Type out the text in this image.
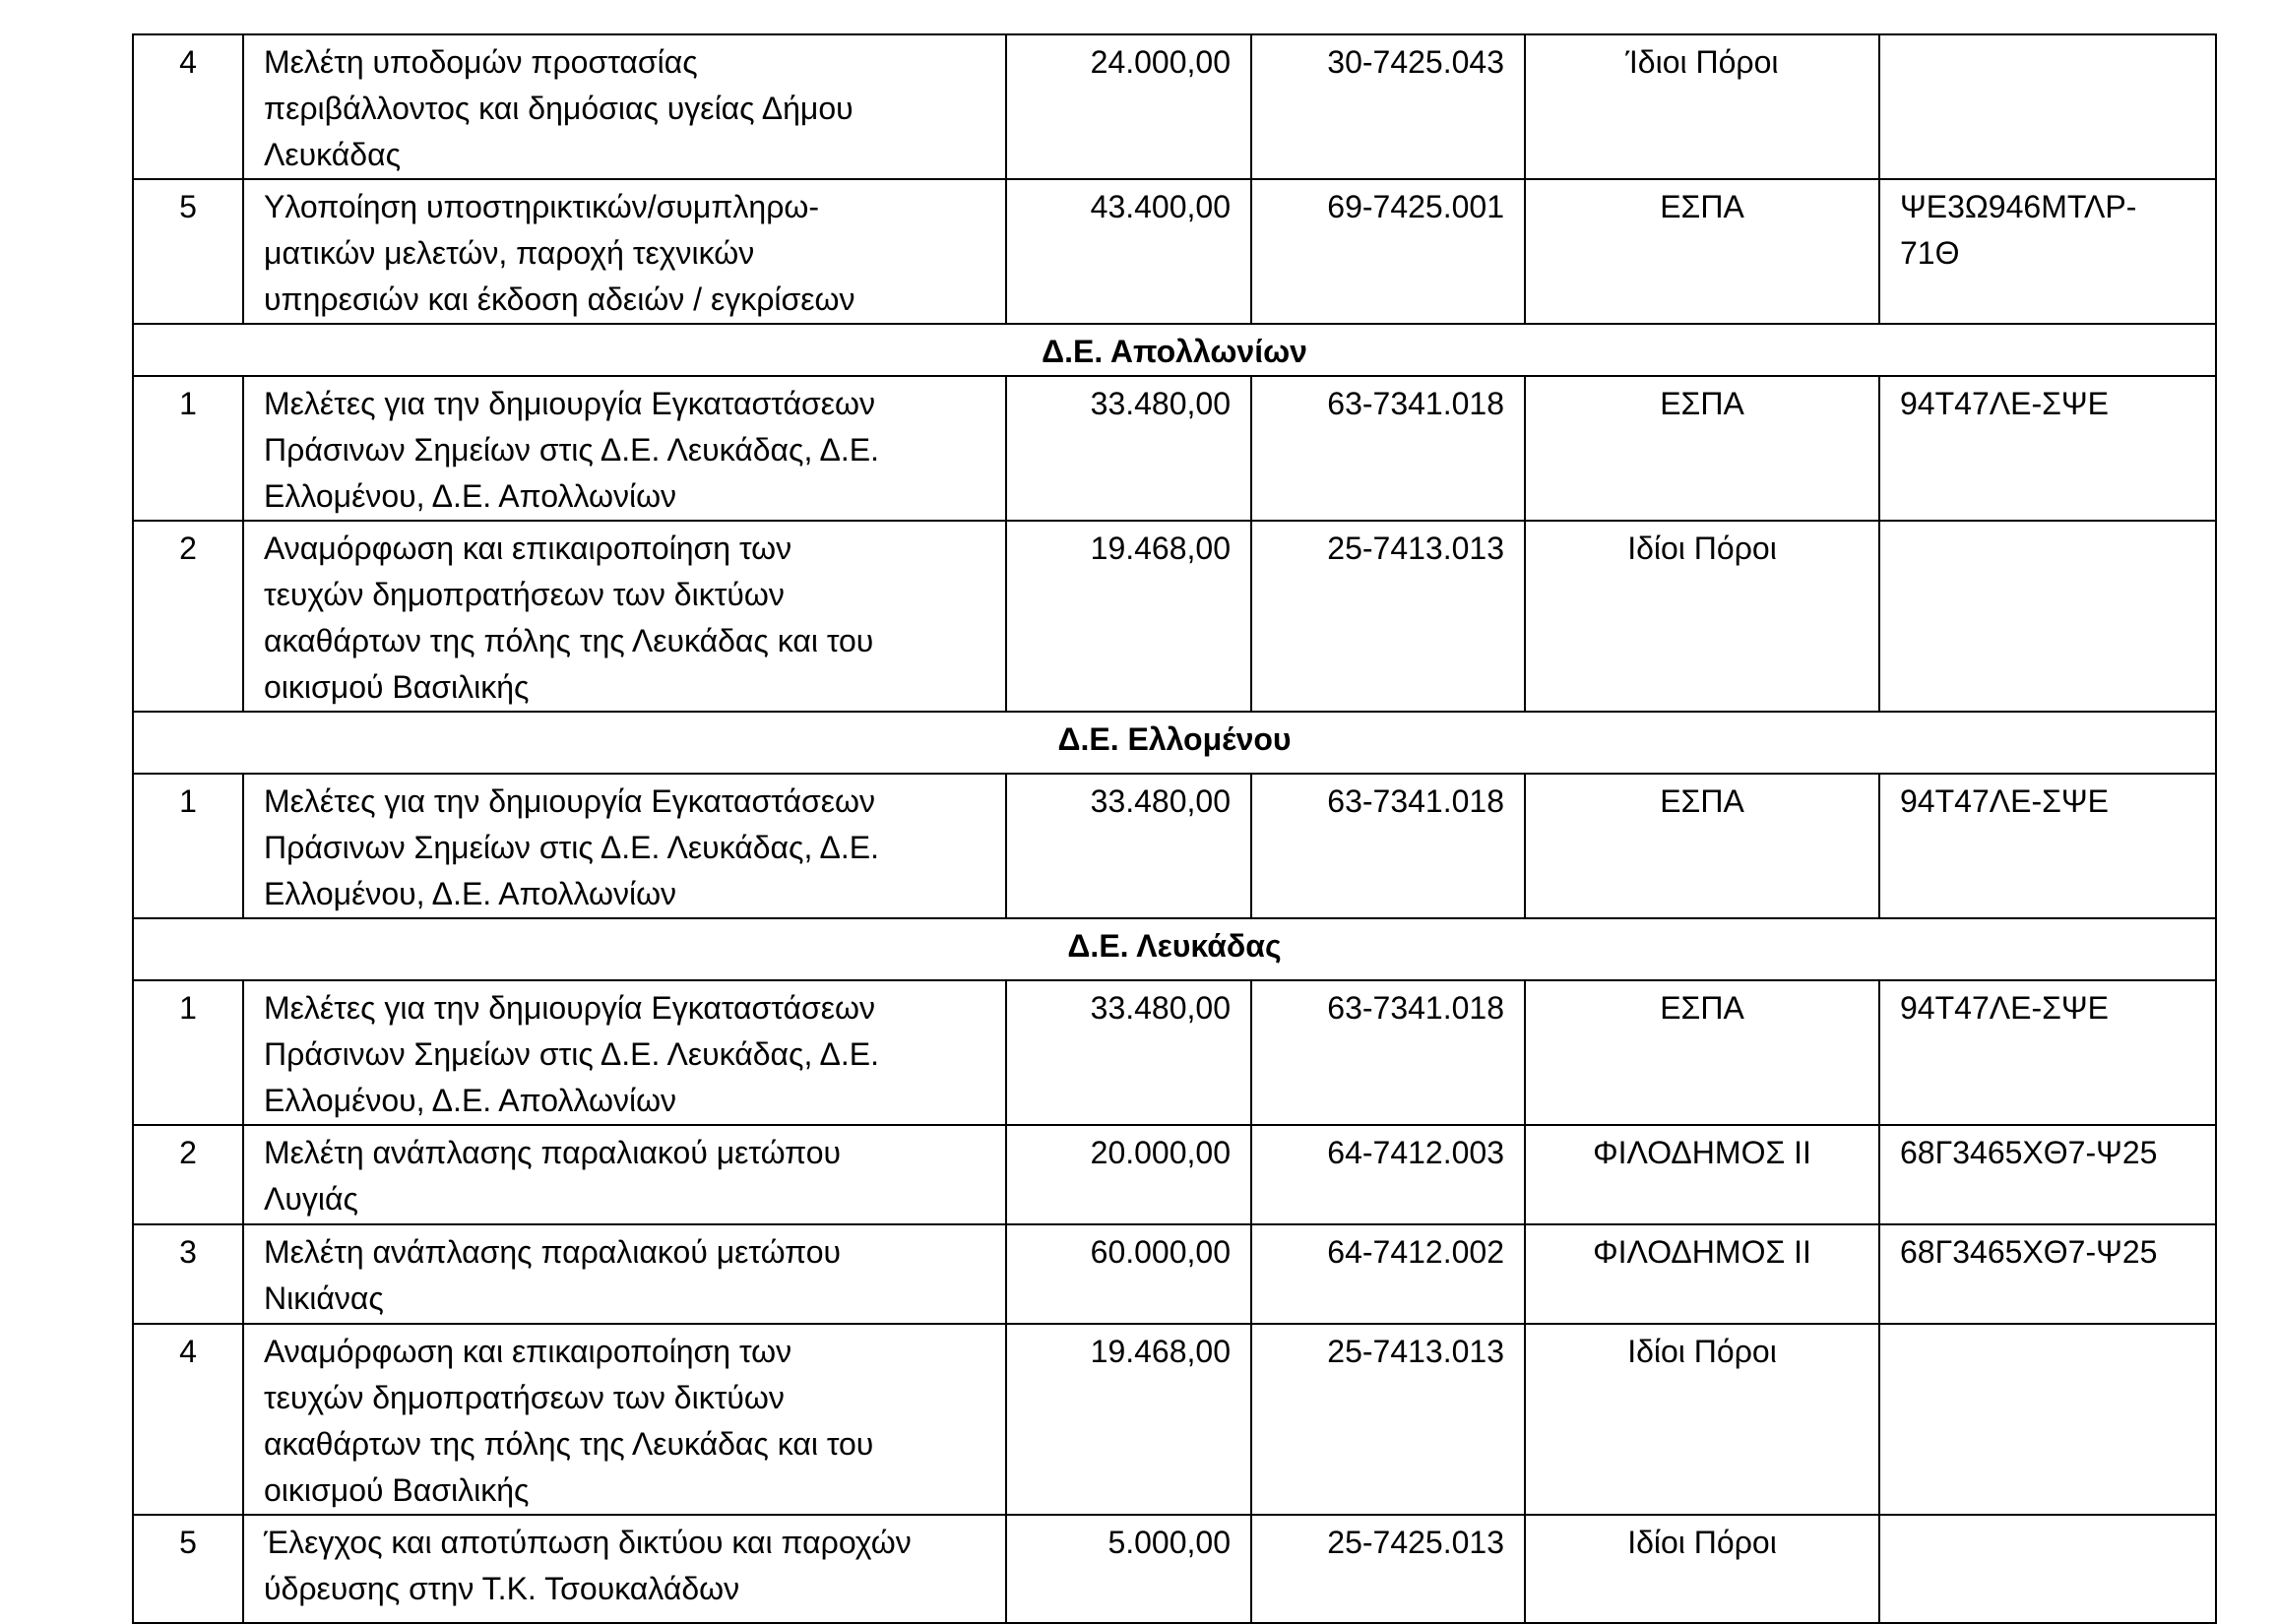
4	Μελέτη υποδομών προστασίας
περιβάλλοντος και δημόσιας υγείας Δήμου
Λευκάδας	24.000,00	30-7425.043	Ίδιοι Πόροι	
5	Υλοποίηση υποστηρικτικών/συμπληρω-
ματικών μελετών, παροχή τεχνικών
υπηρεσιών και έκδοση αδειών / εγκρίσεων	43.400,00	69-7425.001	ΕΣΠΑ	ΨΕ3Ω946ΜΤΛΡ-
71Θ
Δ.Ε. Απολλωνίων					
1	Μελέτες για την δημιουργία Εγκαταστάσεων
Πράσινων Σημείων στις Δ.Ε. Λευκάδας, Δ.Ε.
Ελλομένου, Δ.Ε. Απολλωνίων	33.480,00	63-7341.018	ΕΣΠΑ	94Τ47ΛΕ-ΣΨΕ
2	Αναμόρφωση και επικαιροποίηση των
τευχών δημοπρατήσεων των δικτύων
ακαθάρτων της πόλης της Λευκάδας και του
οικισμού Βασιλικής	19.468,00	25-7413.013	Ιδίοι Πόροι	
Δ.Ε. Ελλομένου					
1	Μελέτες για την δημιουργία Εγκαταστάσεων
Πράσινων Σημείων στις Δ.Ε. Λευκάδας, Δ.Ε.
Ελλομένου, Δ.Ε. Απολλωνίων	33.480,00	63-7341.018	ΕΣΠΑ	94Τ47ΛΕ-ΣΨΕ
Δ.Ε. Λευκάδας					
1	Μελέτες για την δημιουργία Εγκαταστάσεων
Πράσινων Σημείων στις Δ.Ε. Λευκάδας, Δ.Ε.
Ελλομένου, Δ.Ε. Απολλωνίων	33.480,00	63-7341.018	ΕΣΠΑ	94Τ47ΛΕ-ΣΨΕ
2	Μελέτη ανάπλασης παραλιακού μετώπου
Λυγιάς	20.000,00	64-7412.003	ΦΙΛΟΔΗΜΟΣ ΙΙ	68Γ3465ΧΘ7-Ψ25
3	Μελέτη ανάπλασης παραλιακού μετώπου
Νικιάνας	60.000,00	64-7412.002	ΦΙΛΟΔΗΜΟΣ ΙΙ	68Γ3465ΧΘ7-Ψ25
4	Αναμόρφωση και επικαιροποίηση των
τευχών δημοπρατήσεων των δικτύων
ακαθάρτων της πόλης της Λευκάδας και του
οικισμού Βασιλικής	19.468,00	25-7413.013	Ιδίοι Πόροι	
5	Έλεγχος και αποτύπωση δικτύου και παροχών
ύδρευσης στην Τ.Κ. Τσουκαλάδων	5.000,00	25-7425.013	Ιδίοι Πόροι	
